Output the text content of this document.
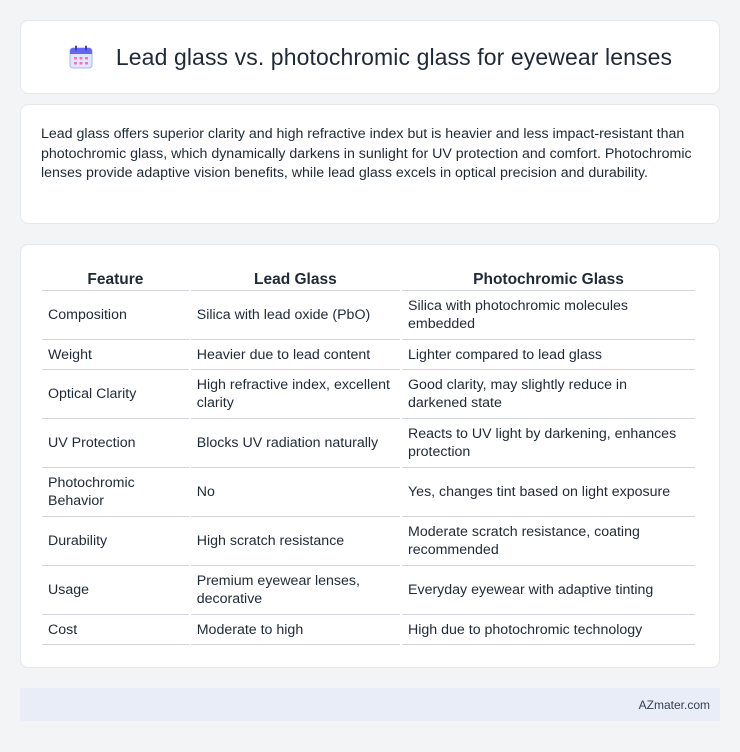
Lead glass vs. photochromic glass for eyewear lenses

Lead glass offers superior clarity and high refractive index but is heavier and less impact-resistant than photochromic glass, which dynamically darkens in sunlight for UV protection and comfort. Photochromic lenses provide adaptive vision benefits, while lead glass excels in optical precision and durability.

Feature	Lead Glass	Photochromic Glass
Composition	Silica with lead oxide (PbO)	Silica with photochromic molecules embedded
Weight	Heavier due to lead content	Lighter compared to lead glass
Optical Clarity	High refractive index, excellent clarity	Good clarity, may slightly reduce in darkened state
UV Protection	Blocks UV radiation naturally	Reacts to UV light by darkening, enhances protection
Photochromic Behavior	No	Yes, changes tint based on light exposure
Durability	High scratch resistance	Moderate scratch resistance, coating recommended
Usage	Premium eyewear lenses, decorative	Everyday eyewear with adaptive tinting
Cost	Moderate to high	High due to photochromic technology
AZmater.com
